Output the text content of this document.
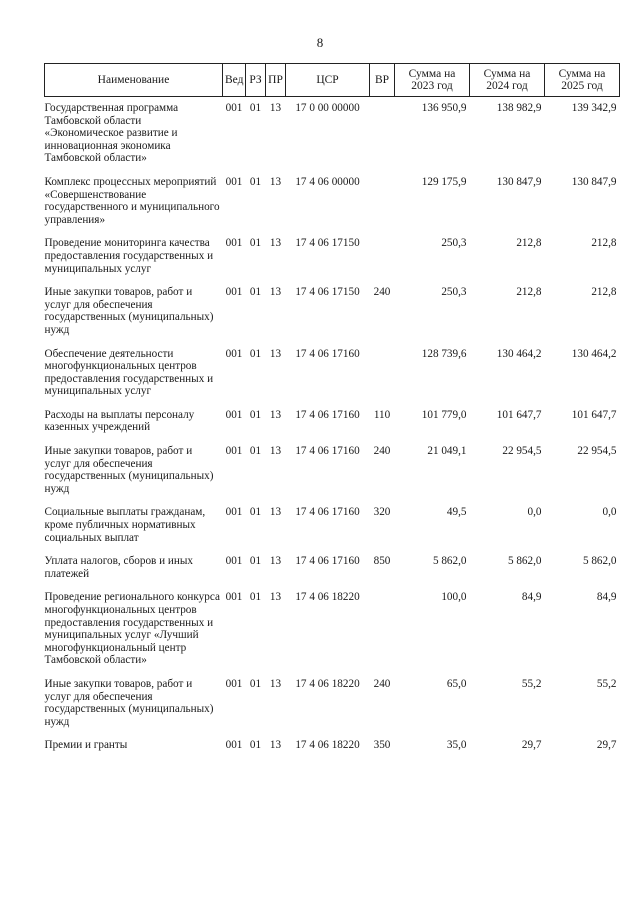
8
Наименование	Вед	РЗ	ПР	ЦСР	ВР	Сумма на 2023 год	Сумма на 2024 год	Сумма на 2025 год
Государственная программа Тамбовской области «Экономическое развитие и инновационная экономика Тамбовской области»	001	01	13	17 0 00 00000		136 950,9	138 982,9	139 342,9
Комплекс процессных мероприятий «Совершенствование государственного и муниципального управления»	001	01	13	17 4 06 00000		129 175,9	130 847,9	130 847,9
Проведение мониторинга качества предоставления государственных и муниципальных услуг	001	01	13	17 4 06 17150		250,3	212,8	212,8
Иные закупки товаров, работ и услуг для обеспечения государственных (муниципальных) нужд	001	01	13	17 4 06 17150	240	250,3	212,8	212,8
Обеспечение деятельности многофункциональных центров предоставления государственных и муниципальных услуг	001	01	13	17 4 06 17160		128 739,6	130 464,2	130 464,2
Расходы на выплаты персоналу казенных учреждений	001	01	13	17 4 06 17160	110	101 779,0	101 647,7	101 647,7
Иные закупки товаров, работ и услуг для обеспечения государственных (муниципальных) нужд	001	01	13	17 4 06 17160	240	21 049,1	22 954,5	22 954,5
Социальные выплаты гражданам, кроме публичных нормативных социальных выплат	001	01	13	17 4 06 17160	320	49,5	0,0	0,0
Уплата налогов, сборов и иных платежей	001	01	13	17 4 06 17160	850	5 862,0	5 862,0	5 862,0
Проведение регионального конкурса многофункциональных центров предоставления государственных и муниципальных услуг «Лучший многофункциональный центр Тамбовской области»	001	01	13	17 4 06 18220		100,0	84,9	84,9
Иные закупки товаров, работ и услуг для обеспечения государственных (муниципальных) нужд	001	01	13	17 4 06 18220	240	65,0	55,2	55,2
Премии и гранты	001	01	13	17 4 06 18220	350	35,0	29,7	29,7
